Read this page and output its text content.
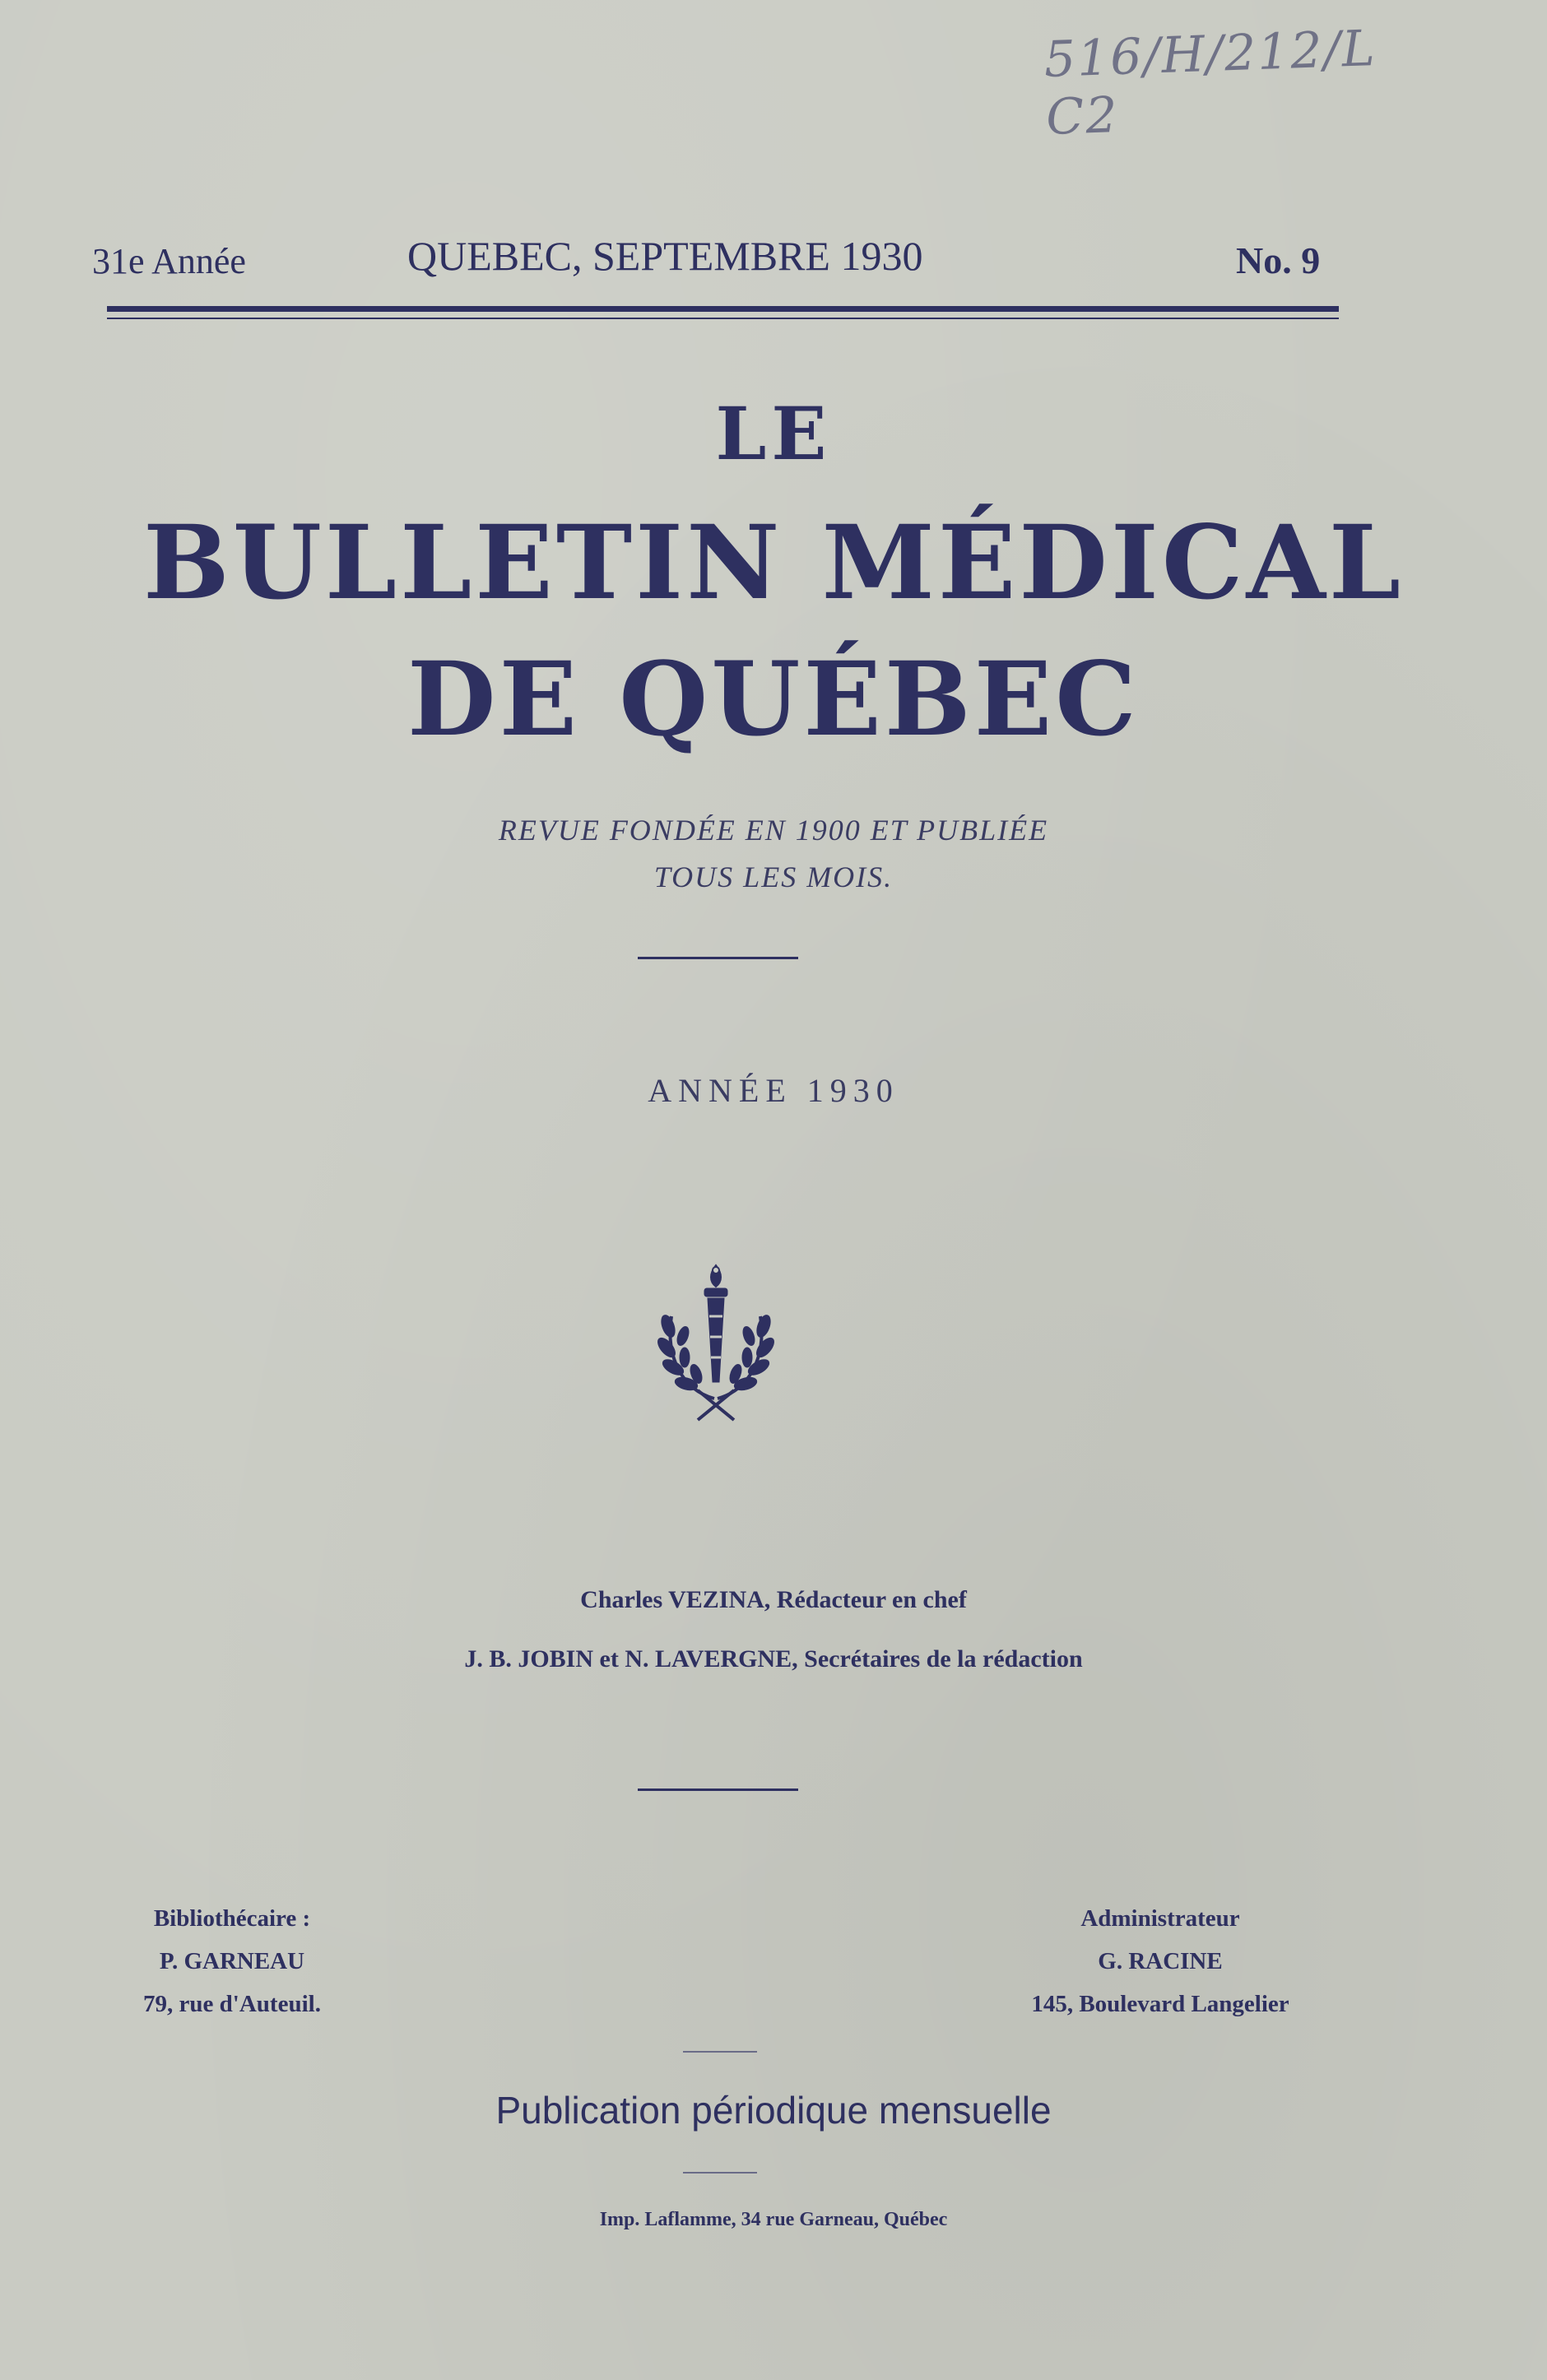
516/H/212/L C2
31e Année	QUEBEC, SEPTEMBRE 1930	No. 9
LE
BULLETIN MÉDICAL
DE QUÉBEC
REVUE FONDÉE EN 1900 ET PUBLIÉE
TOUS LES MOIS.
ANNÉE 1930
Charles VEZINA, Rédacteur en chef
J. B. JOBIN et N. LAVERGNE, Secrétaires de la rédaction
Bibliothécaire :
P. GARNEAU
79, rue d'Auteuil.
Administrateur
G. RACINE
145, Boulevard Langelier
Publication périodique mensuelle
Imp. Laflamme, 34 rue Garneau, Québec
